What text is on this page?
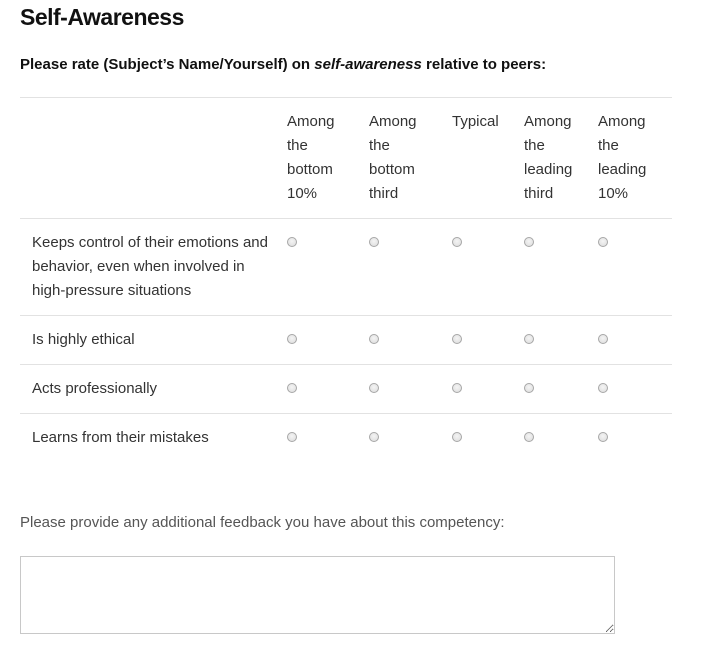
Self-Awareness

Please rate (Subject’s Name/Yourself) on self-awareness relative to peers:

	Among the bottom 10%	Among the bottom third	Typical	Among the leading third	Among the leading 10%
Keeps control of their emotions and behavior, even when involved in high-pressure situations	

Is highly ethical	

Acts professionally	

Learns from their mistakes	

Please provide any additional feedback you have about this competency:
